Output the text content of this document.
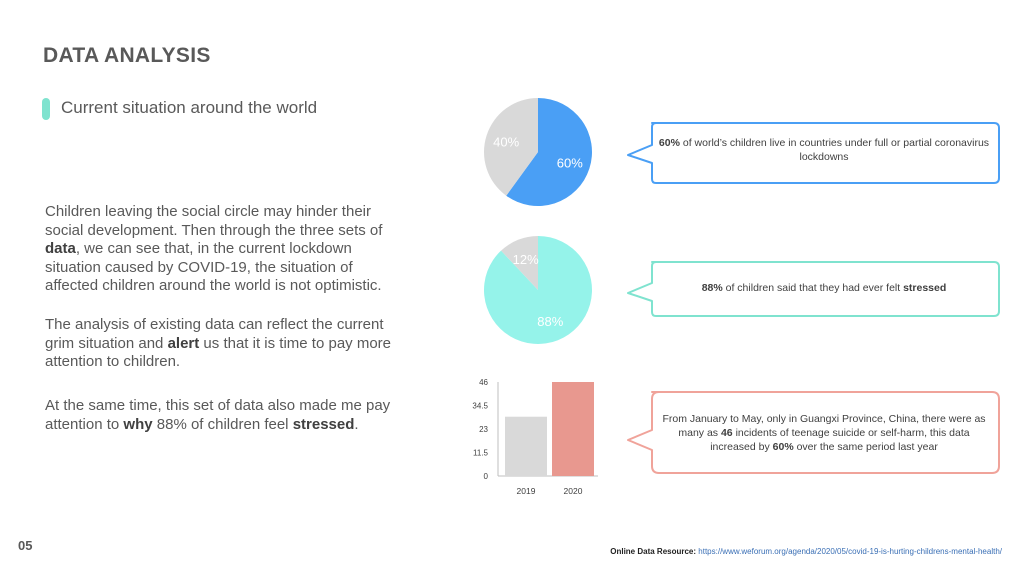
DATA ANALYSIS
Current situation around the world

Children leaving the social circle may hinder their social development. Then through the three sets of data, we can see that, in the current lockdown situation caused by COVID-19, the situation of affected children around the world is not optimistic.

The analysis of existing data can reflect the current grim situation and alert us that it is time to pay more attention to children.

At the same time, this set of data also made me pay attention to why 88% of children feel stressed.

60%
40%
88%
12%
0
11.5
23
34.5
46
2019	2020
60% of world’s children live in countries under full or partial coronavirus lockdowns
88% of children said that they had ever felt stressed
From January to May, only in Guangxi Province, China, there were as many as 46 incidents of teenage suicide or self-harm, this data increased by 60% over the same period last year
05	Online Data Resource: https://www.weforum.org/agenda/2020/05/covid-19-is-hurting-childrens-mental-health/
